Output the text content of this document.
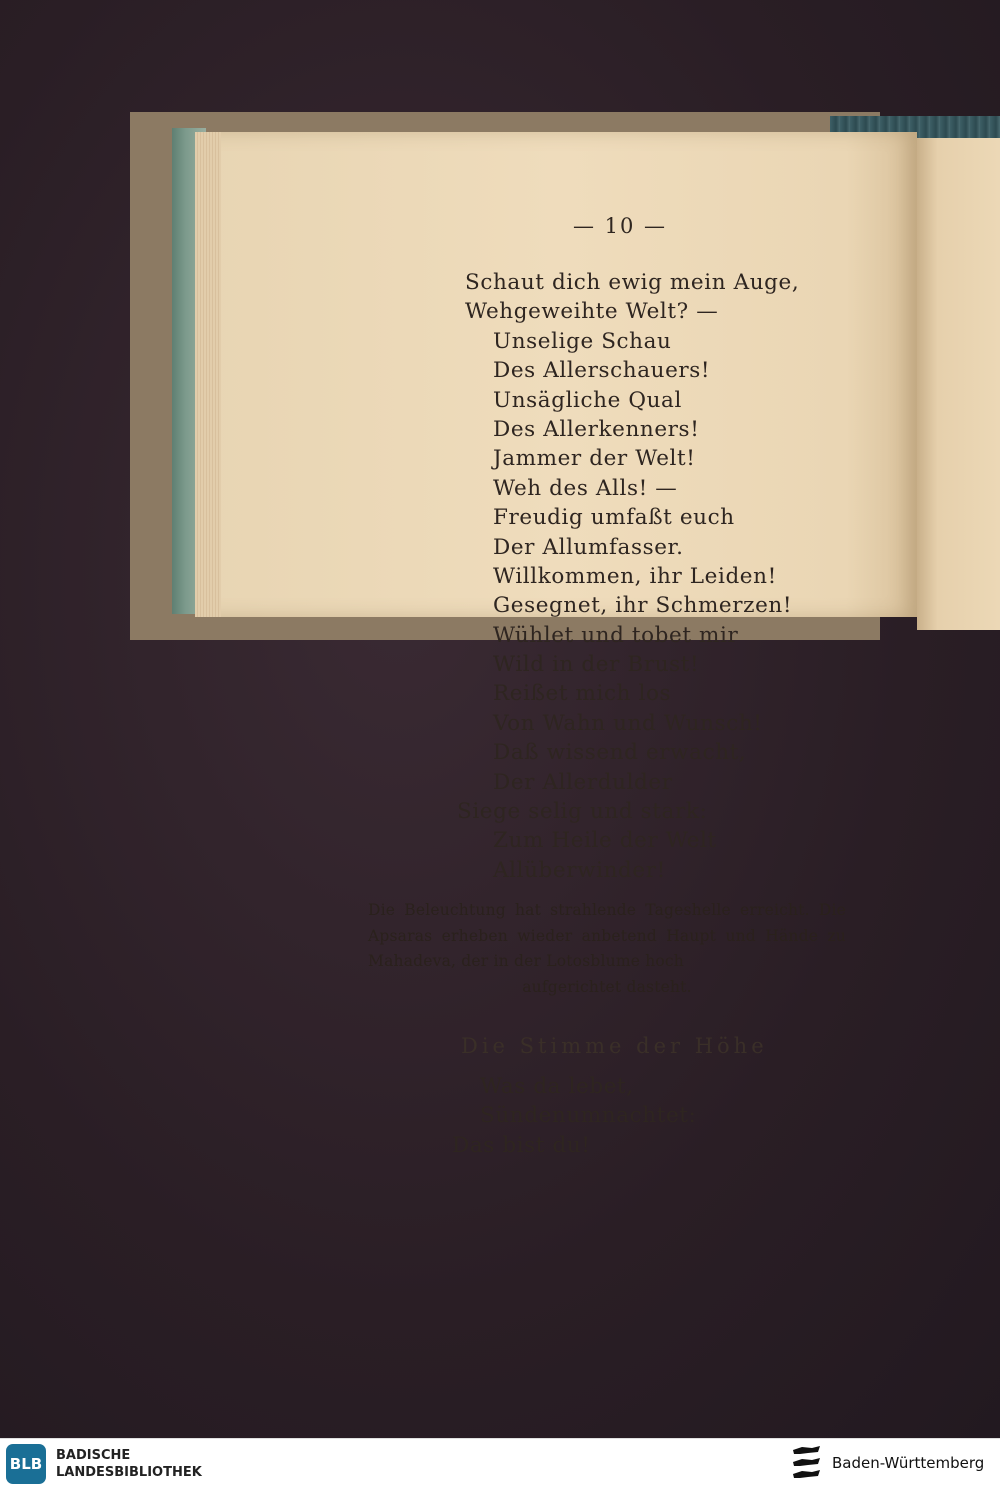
— 10 —
Schaut dich ewig mein Auge,
Wehgeweihte Welt? —
Unselige Schau
Des Allerschauers!
Unsägliche Qual
Des Allerkenners!
Jammer der Welt!
Weh des Alls! —
Freudig umfaßt euch
Der Allumfasser.
Willkommen, ihr Leiden!
Gesegnet, ihr Schmerzen!
Wühlet und tobet mir
Wild in der Brust!
Reißet mich los
Von Wahn und Wunsch!
Daß wissend erwacht,
Der Allerdulder
Siege selig und stark:
Zum Heile der Welt
Allüberwinder!
Die Beleuchtung hat strahlende Tageshelle erreicht. Die Apsaras erheben wieder anbetend Haupt und Hände zu Mahadeva, der in der Lotosblume hoch
aufgerichtet dasteht.
Die Stimme der Höhe
Was da lebet,
Sündenumnachtet:
Das bist du!
BLB BADISCHE
LANDESBIBLIOTHEK
Baden-Württemberg
